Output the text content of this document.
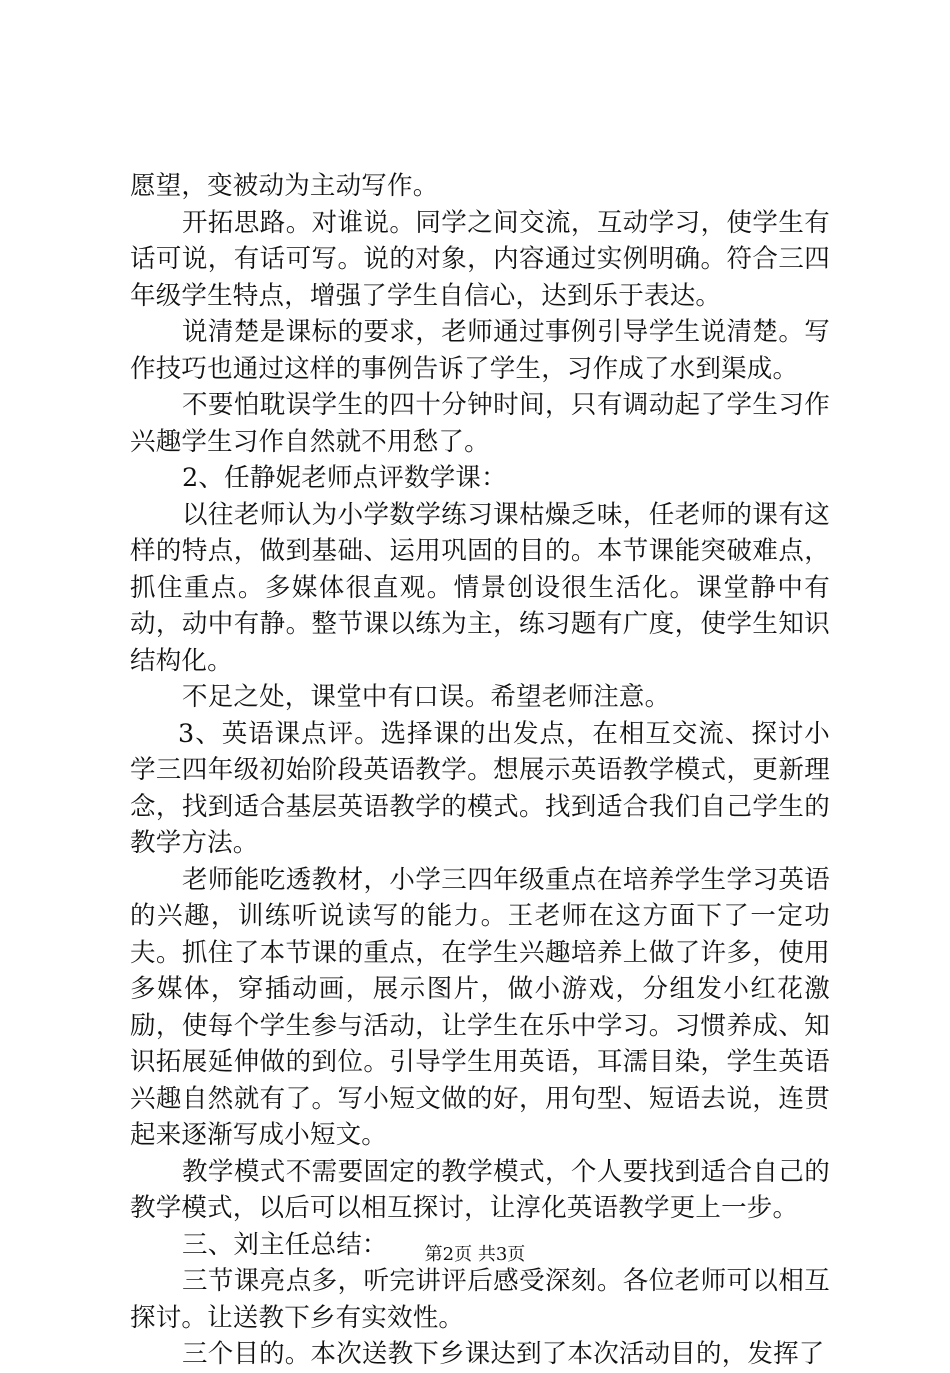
愿望，变被动为主动写作。

开拓思路。对谁说。同学之间交流，互动学习，使学生有话可说，有话可写。说的对象，内容通过实例明确。符合三四年级学生特点，增强了学生自信心，达到乐于表达。

说清楚是课标的要求，老师通过事例引导学生说清楚。写作技巧也通过这样的事例告诉了学生，习作成了水到渠成。

不要怕耽误学生的四十分钟时间，只有调动起了学生习作兴趣学生习作自然就不用愁了。

2、任静妮老师点评数学课：

以往老师认为小学数学练习课枯燥乏味，任老师的课有这样的特点，做到基础、运用巩固的目的。本节课能突破难点，抓住重点。多媒体很直观。情景创设很生活化。课堂静中有动，动中有静。整节课以练为主，练习题有广度，使学生知识结构化。

不足之处，课堂中有口误。希望老师注意。

3、英语课点评。选择课的出发点，在相互交流、探讨小学三四年级初始阶段英语教学。想展示英语教学模式，更新理念，找到适合基层英语教学的模式。找到适合我们自己学生的教学方法。

老师能吃透教材，小学三四年级重点在培养学生学习英语的兴趣，训练听说读写的能力。王老师在这方面下了一定功夫。抓住了本节课的重点，在学生兴趣培养上做了许多，使用多媒体，穿插动画，展示图片，做小游戏，分组发小红花激励，使每个学生参与活动，让学生在乐中学习。习惯养成、知识拓展延伸做的到位。引导学生用英语，耳濡目染，学生英语兴趣自然就有了。写小短文做的好，用句型、短语去说，连贯起来逐渐写成小短文。

教学模式不需要固定的教学模式，个人要找到适合自己的教学模式，以后可以相互探讨，让淳化英语教学更上一步。

三、刘主任总结：

三节课亮点多，听完讲评后感受深刻。各位老师可以相互探讨。让送教下乡有实效性。

三个目的。本次送教下乡课达到了本次活动目的，发挥了

第2页 共3页
